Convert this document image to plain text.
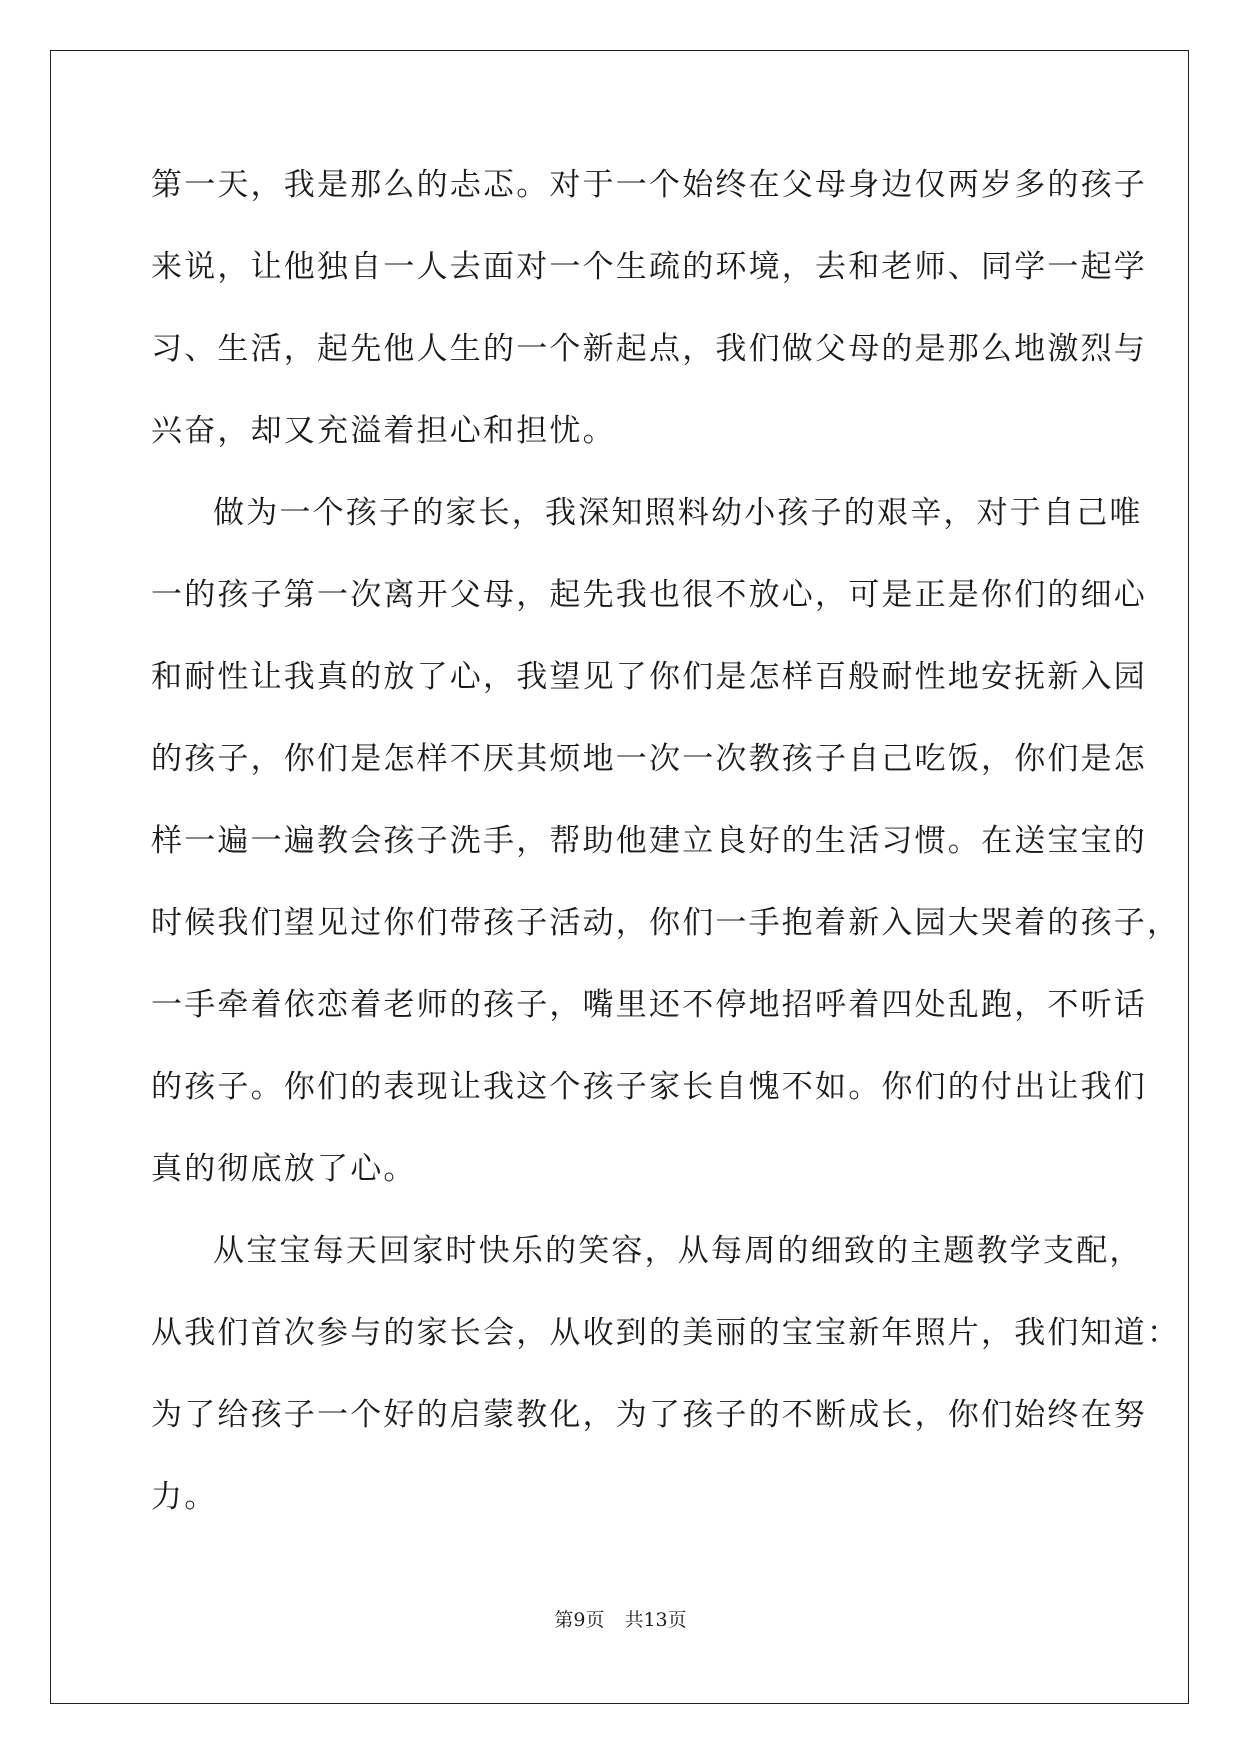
第一天，我是那么的忐忑。对于一个始终在父母身边仅两岁多的孩子
来说，让他独自一人去面对一个生疏的环境，去和老师、同学一起学
习、生活，起先他人生的一个新起点，我们做父母的是那么地激烈与
兴奋，却又充溢着担心和担忧。
做为一个孩子的家长，我深知照料幼小孩子的艰辛，对于自己唯
一的孩子第一次离开父母，起先我也很不放心，可是正是你们的细心
和耐性让我真的放了心，我望见了你们是怎样百般耐性地安抚新入园
的孩子，你们是怎样不厌其烦地一次一次教孩子自己吃饭，你们是怎
样一遍一遍教会孩子洗手，帮助他建立良好的生活习惯。在送宝宝的
时候我们望见过你们带孩子活动，你们一手抱着新入园大哭着的孩子，
一手牵着依恋着老师的孩子，嘴里还不停地招呼着四处乱跑，不听话
的孩子。你们的表现让我这个孩子家长自愧不如。你们的付出让我们
真的彻底放了心。
从宝宝每天回家时快乐的笑容，从每周的细致的主题教学支配，
从我们首次参与的家长会，从收到的美丽的宝宝新年照片，我们知道：
为了给孩子一个好的启蒙教化，为了孩子的不断成长，你们始终在努
力。
第9页 共13页
